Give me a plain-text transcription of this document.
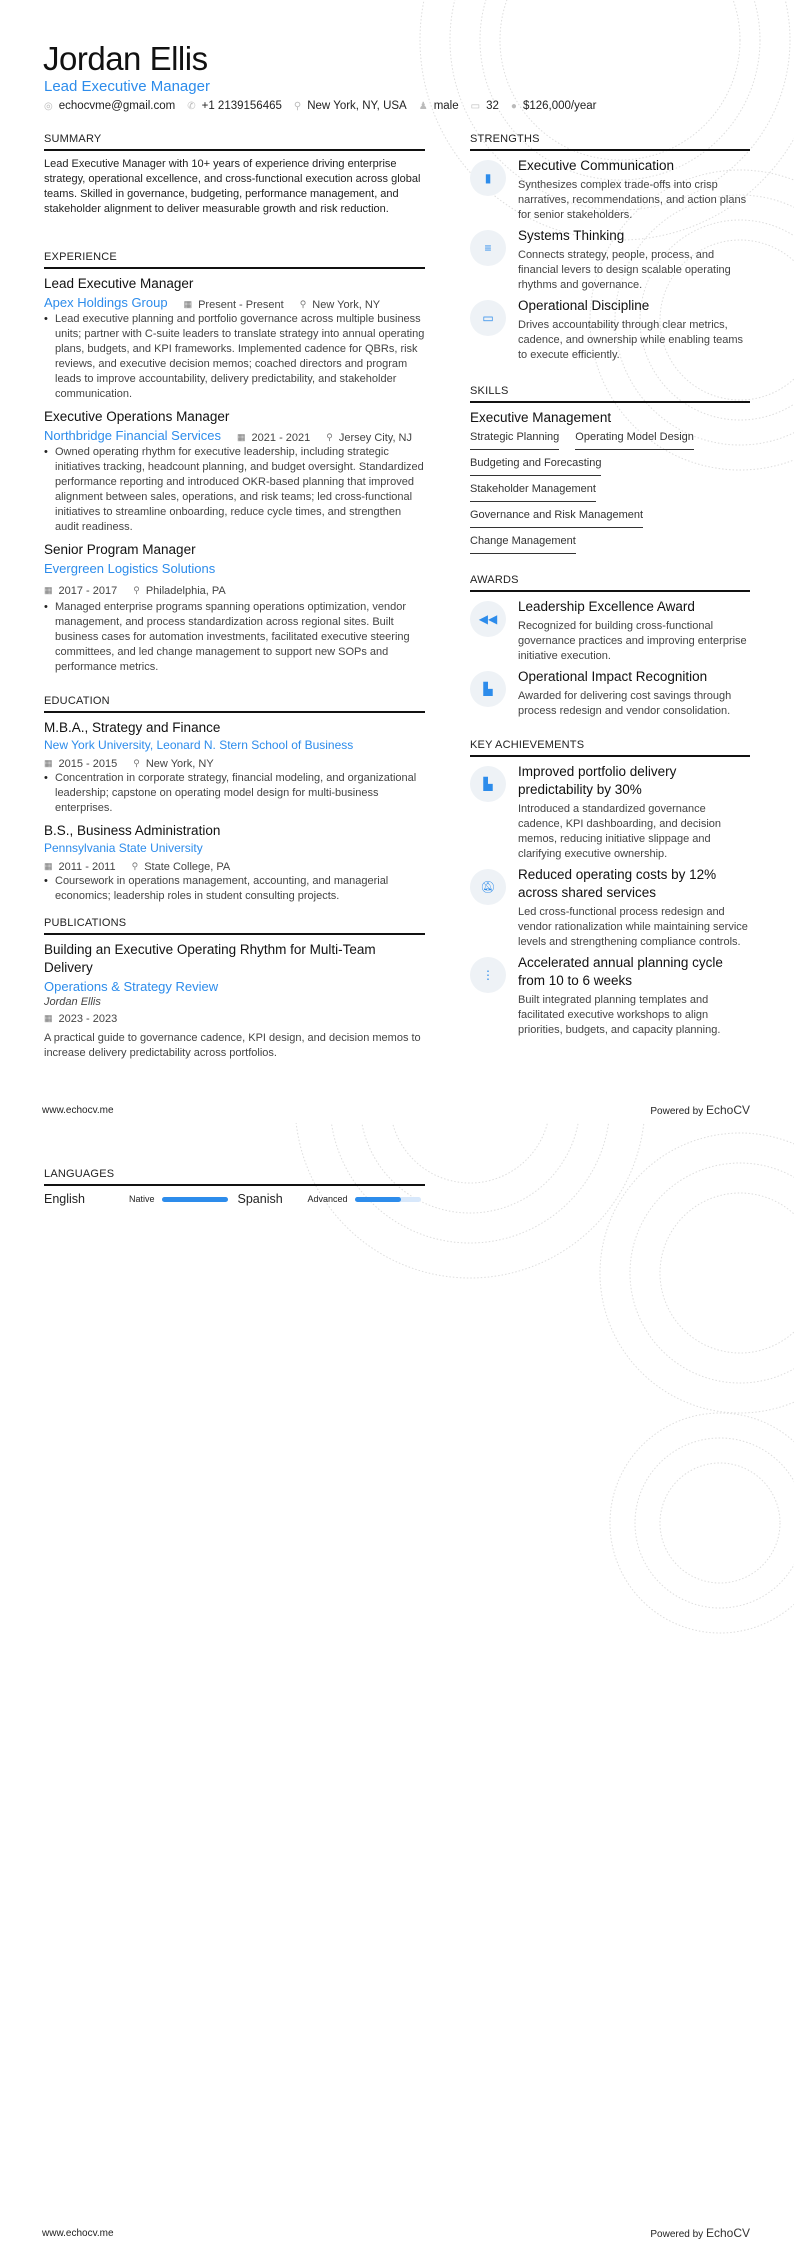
Jordan Ellis
Lead Executive Manager
◎ echocvme@gmail.com ✆ +1 2139156465 ⚲ New York, NY, USA ♟ male ▭ 32 ● $126,000/year
SUMMARY
Lead Executive Manager with 10+ years of experience driving enterprise strategy, operational excellence, and cross-functional execution across global teams. Skilled in governance, budgeting, performance management, and stakeholder alignment to deliver measurable growth and risk reduction.
EXPERIENCE
Lead Executive Manager
Apex Holdings Group ▦ Present - Present ⚲ New York, NY
• Lead executive planning and portfolio governance across multiple business units; partner with C-suite leaders to translate strategy into annual operating plans, budgets, and KPI frameworks. Implemented cadence for QBRs, risk reviews, and executive decision memos; coached directors and program leads to improve accountability, delivery predictability, and stakeholder communication.
Executive Operations Manager
Northbridge Financial Services ▦ 2021 - 2021 ⚲ Jersey City, NJ
• Owned operating rhythm for executive leadership, including strategic initiatives tracking, headcount planning, and budget oversight. Standardized performance reporting and introduced OKR-based planning that improved alignment between sales, operations, and risk teams; led cross-functional initiatives to streamline onboarding, reduce cycle times, and strengthen audit readiness.
Senior Program Manager
Evergreen Logistics Solutions
▦ 2017 - 2017 ⚲ Philadelphia, PA
• Managed enterprise programs spanning operations optimization, vendor management, and process standardization across regional sites. Built business cases for automation investments, facilitated executive steering committees, and led change management to support new SOPs and performance metrics.
EDUCATION
M.B.A., Strategy and Finance
New York University, Leonard N. Stern School of Business
▦ 2015 - 2015 ⚲ New York, NY
• Concentration in corporate strategy, financial modeling, and organizational leadership; capstone on operating model design for multi-business enterprises.
B.S., Business Administration
Pennsylvania State University
▦ 2011 - 2011 ⚲ State College, PA
• Coursework in operations management, accounting, and managerial economics; leadership roles in student consulting projects.
PUBLICATIONS
Building an Executive Operating Rhythm for Multi-Team Delivery
Operations & Strategy Review
Jordan Ellis
▦ 2023 - 2023
A practical guide to governance cadence, KPI design, and decision memos to increase delivery predictability across portfolios.
STRENGTHS
▮
Executive Communication
Synthesizes complex trade-offs into crisp narratives, recommendations, and action plans for senior stakeholders.
≡
Systems Thinking
Connects strategy, people, process, and financial levers to design scalable operating rhythms and governance.
▭
Operational Discipline
Drives accountability through clear metrics, cadence, and ownership while enabling teams to execute efficiently.
SKILLS
Executive Management
Strategic Planning Operating Model Design
Budgeting and Forecasting
Stakeholder Management
Governance and Risk Management
Change Management
AWARDS
◀◀
Leadership Excellence Award
Recognized for building cross-functional governance practices and improving enterprise initiative execution.
▙
Operational Impact Recognition
Awarded for delivering cost savings through process redesign and vendor consolidation.
KEY ACHIEVEMENTS
▙
Improved portfolio delivery predictability by 30%
Introduced a standardized governance cadence, KPI dashboarding, and decision memos, reducing initiative slippage and clarifying executive ownership.
🔕︎
Reduced operating costs by 12% across shared services
Led cross-functional process redesign and vendor rationalization while maintaining service levels and strengthening compliance controls.
⋮
Accelerated annual planning cycle from 10 to 6 weeks
Built integrated planning templates and facilitated executive workshops to align priorities, budgets, and capacity planning.
www.echocv.me	Powered by EchoCV
LANGUAGES
English	Native	Spanish	Advanced
www.echocv.me	Powered by EchoCV
